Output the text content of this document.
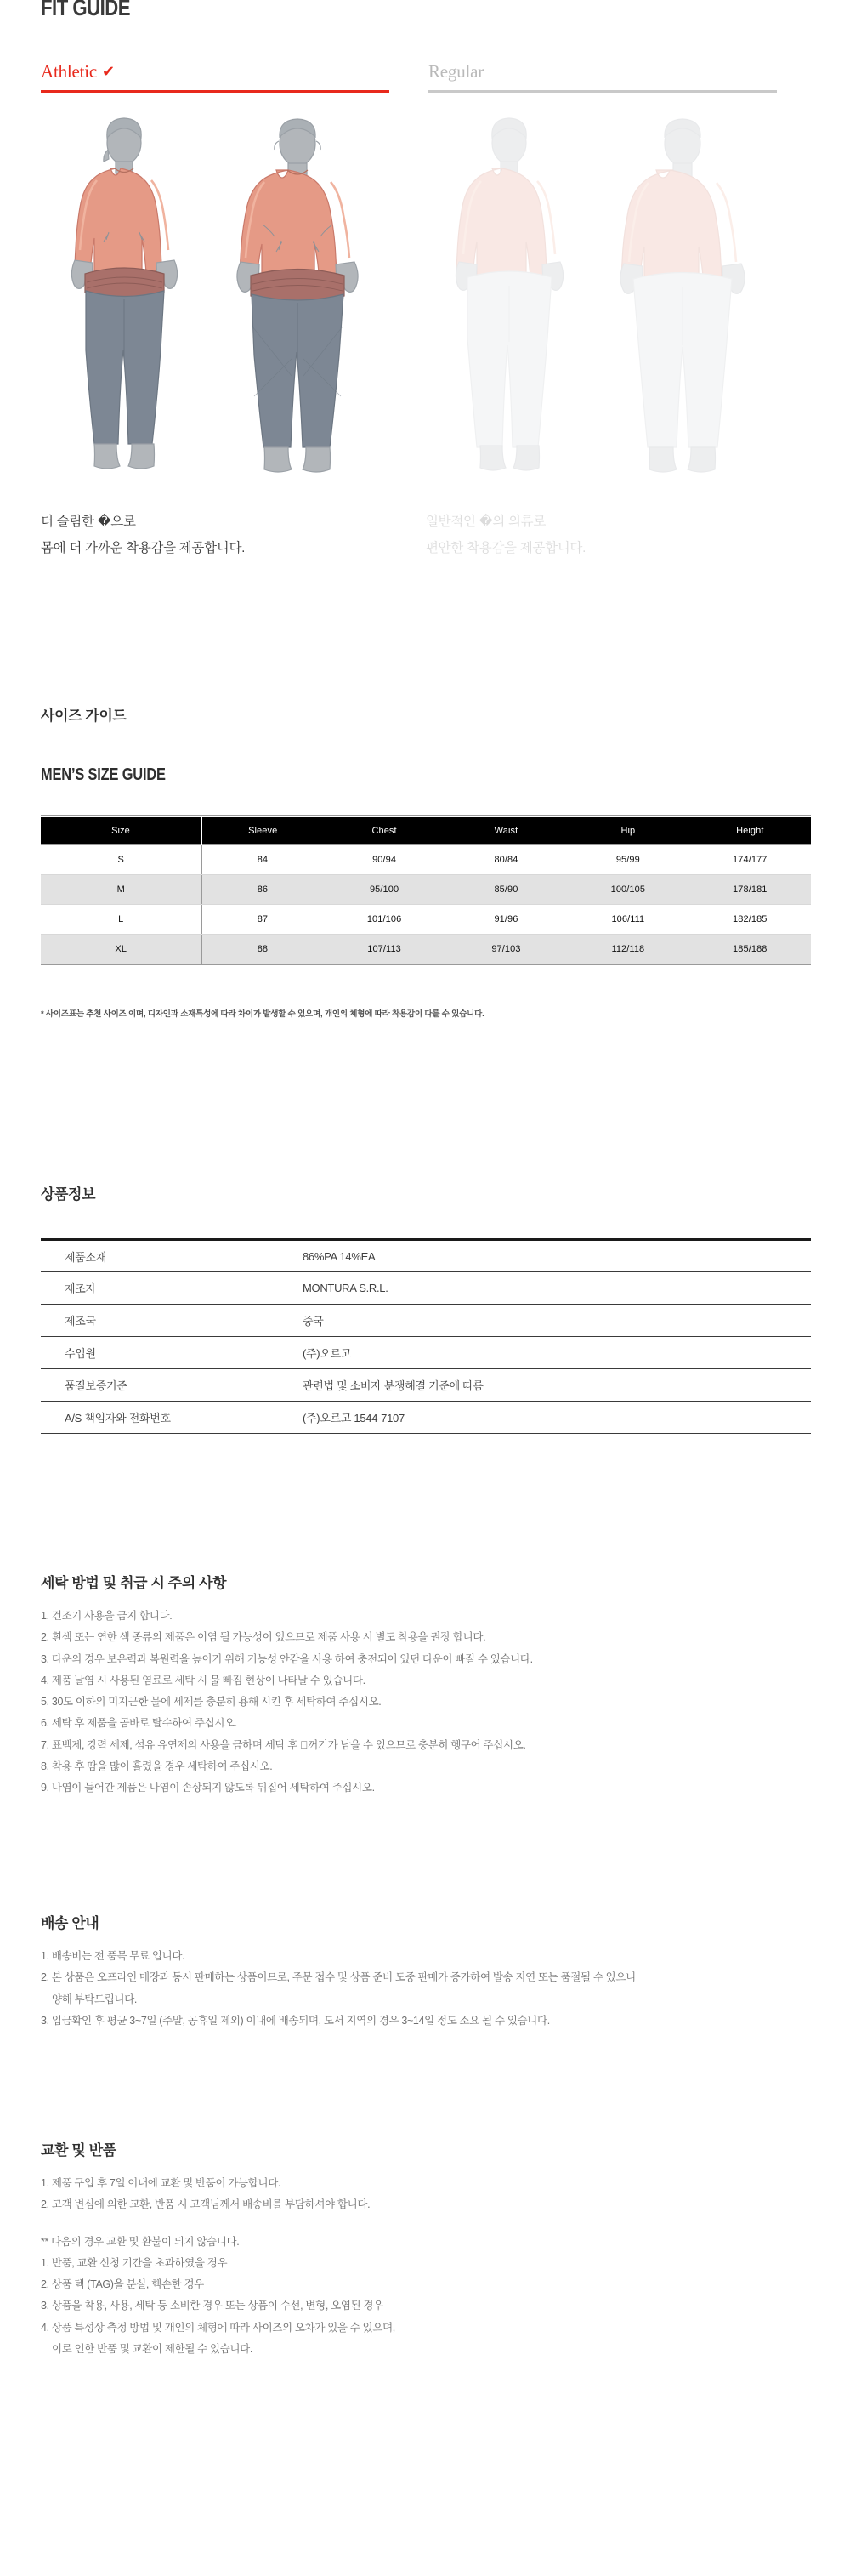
FIT GUIDE
Athletic ✔	Regular
더 슬림한 �으로
몸에 더 가까운 착용감을 제공합니다.
일반적인 �의 의류로
편안한 착용감을 제공합니다.
사이즈 가이드
MEN’S SIZE GUIDE
Size	Sleeve	Chest	Waist	Hip	Height
S	84	90/94	80/84	95/99	174/177
M	86	95/100	85/90	100/105	178/181
L	87	101/106	91/96	106/111	182/185
XL	88	107/113	97/103	112/118	185/188
* 사이즈표는 추천 사이즈 이며, 디자인과 소재특성에 따라 차이가 발생할 수 있으며, 개인의 체형에 따라 착용감이 다를 수 있습니다.
상품정보
제품소재	86%PA 14%EA
제조자	MONTURA S.R.L.
제조국	중국
수입원	(주)오르고
품질보증기준	관련법 및 소비자 분쟁해결 기준에 따름
A/S 책임자와 전화번호	(주)오르고 1544-7107
세탁 방법 및 취급 시 주의 사항
1. 건조기 사용을 금지 합니다.
2. 흰색 또는 연한 색 종류의 제품은 이염 될 가능성이 있으므로 제품 사용 시 별도 착용을 권장 합니다.
3. 다운의 경우 보온력과 복원력을 높이기 위해 기능성 안감을 사용 하여 충전되어 있던 다운이 빠질 수 있습니다.
4. 제품 날염 시 사용된 염료로 세탁 시 물 빠짐 현상이 나타날 수 있습니다.
5. 30도 이하의 미지근한 물에 세제를 충분히 용해 시킨 후 세탁하여 주십시오.
6. 세탁 후 제품을 곰바로 탈수하여 주십시오.
7. 표백제, 강력 세제, 섬유 유연제의 사용을 금하며 세탁 후 꺼기가 남을 수 있으므로 충분히 헹구어 주십시오.
8. 착용 후 땀을 많이 흘렸을 경우 세탁하여 주십시오.
9. 나염이 들어간 제품은 나염이 손상되지 않도록 뒤집어 세탁하여 주십시오.
배송 안내
1. 배송비는 전 품목 무료 입니다.
2. 본 상품은 오프라인 매장과 동시 판매하는 상품이므로, 주문 접수 및 상품 준비 도중 판매가 증가하여 발송 지연 또는 품절될 수 있으니
양해 부탁드립니다.
3. 입금확인 후 평균 3~7일 (주말, 공휴일 제외) 이내에 배송되며, 도서 지역의 경우 3~14일 정도 소요 될 수 있습니다.
교환 및 반품
1. 제품 구입 후 7일 이내에 교환 및 반품이 가능합니다.
2. 고객 변심에 의한 교환, 반품 시 고객님께서 배송비를 부담하셔야 합니다.
** 다음의 경우 교환 및 환불이 되지 않습니다.
1. 반품, 교환 신청 기간을 초과하였을 경우
2. 상품 텍 (TAG)을 분실, 헥손한 경우
3. 상품을 착용, 사용, 세탁 등 소비한 경우 또는 상품이 수선, 변형, 오염된 경우
4. 상품 특성상 측정 방법 및 개인의 체형에 따라 사이즈의 오차가 있을 수 있으며,
이로 인한 반품 및 교환이 제한될 수 있습니다.
